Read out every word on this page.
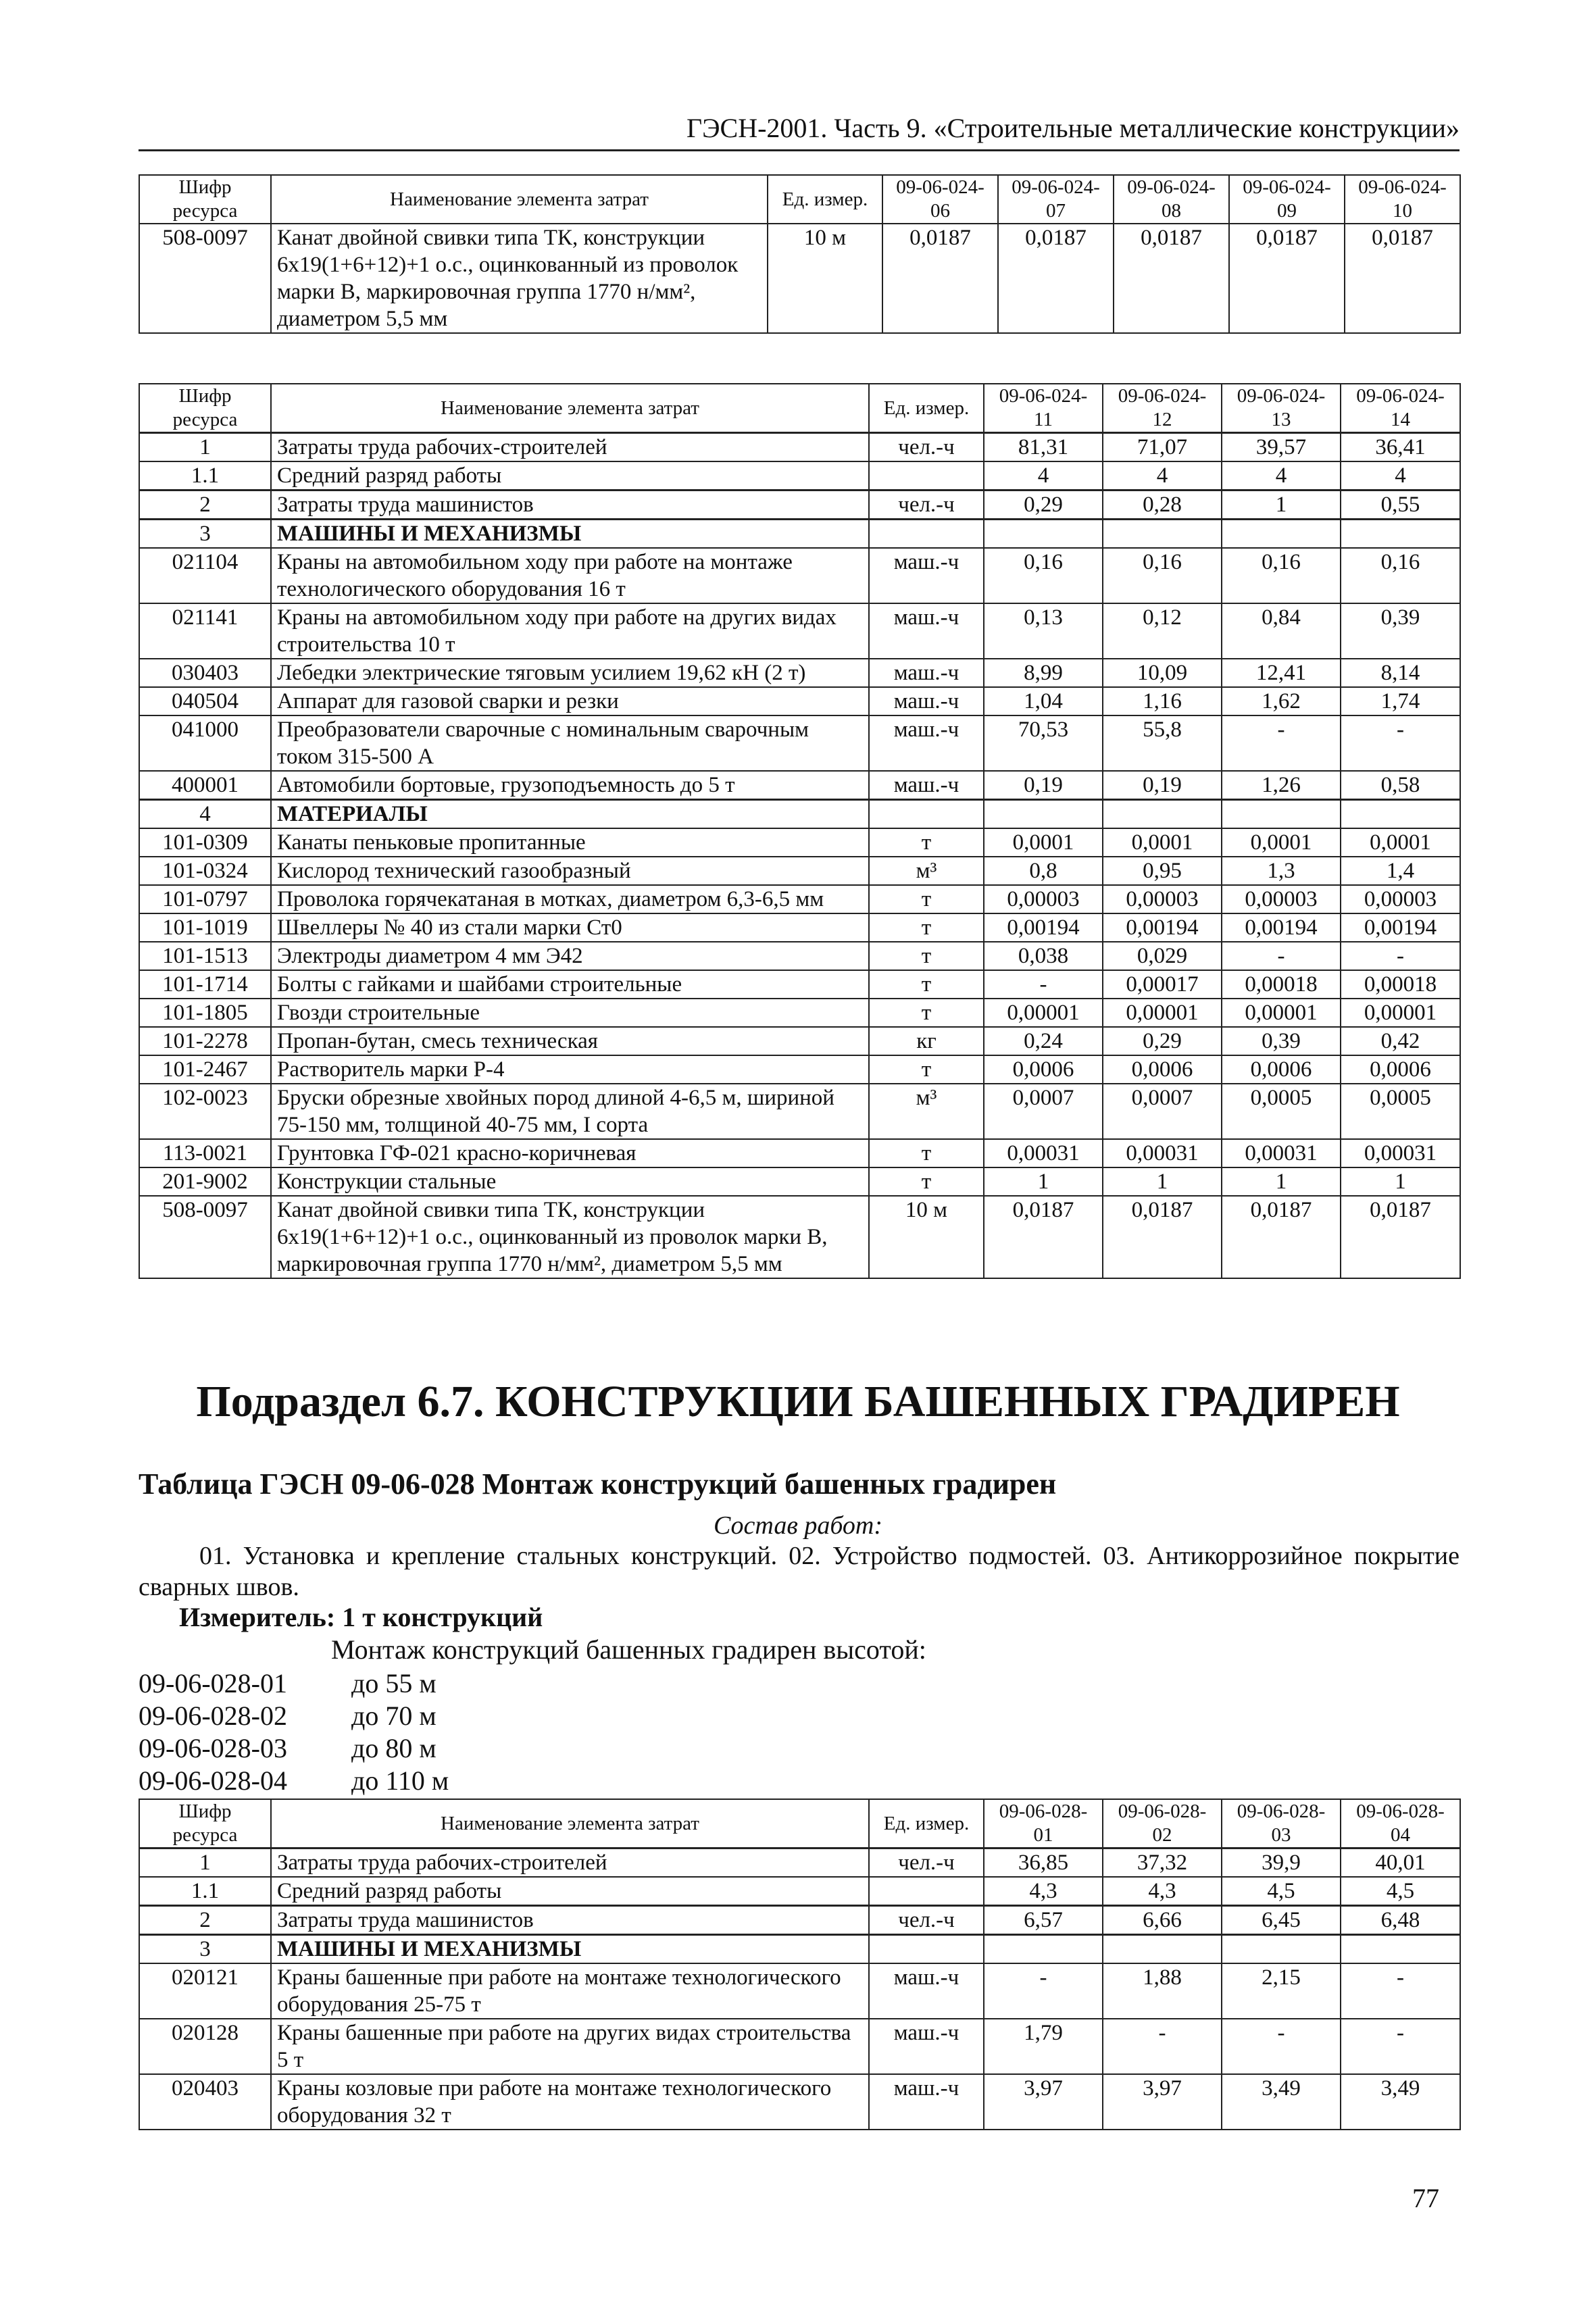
ГЭСН-2001. Часть 9. «Строительные металлические конструкции»
Шифр ресурса	Наименование элемента затрат	Ед. измер.	09-06-024-06	09-06-024-07	09-06-024-08	09-06-024-09	09-06-024-10
508-0097	Канат двойной свивки типа ТК, конструкции 6х19(1+6+12)+1 о.с., оцинкованный из проволок марки В, маркировочная группа 1770 н/мм², диаметром 5,5 мм	10 м	0,0187	0,0187	0,0187	0,0187	0,0187
Шифр ресурса	Наименование элемента затрат	Ед. измер.	09-06-024-11	09-06-024-12	09-06-024-13	09-06-024-14
1	Затраты труда рабочих-строителей	чел.-ч	81,31	71,07	39,57	36,41
1.1	Средний разряд работы		4	4	4	4
2	Затраты труда машинистов	чел.-ч	0,29	0,28	1	0,55
3	МАШИНЫ И МЕХАНИЗМЫ					
021104	Краны на автомобильном ходу при работе на монтаже технологического оборудования 16 т	маш.-ч	0,16	0,16	0,16	0,16
021141	Краны на автомобильном ходу при работе на других видах строительства 10 т	маш.-ч	0,13	0,12	0,84	0,39
030403	Лебедки электрические тяговым усилием 19,62 кН (2 т)	маш.-ч	8,99	10,09	12,41	8,14
040504	Аппарат для газовой сварки и резки	маш.-ч	1,04	1,16	1,62	1,74
041000	Преобразователи сварочные с номинальным сварочным током 315-500 А	маш.-ч	70,53	55,8	-	-
400001	Автомобили бортовые, грузоподъемность до 5 т	маш.-ч	0,19	0,19	1,26	0,58
4	МАТЕРИАЛЫ					
101-0309	Канаты пеньковые пропитанные	т	0,0001	0,0001	0,0001	0,0001
101-0324	Кислород технический газообразный	м³	0,8	0,95	1,3	1,4
101-0797	Проволока горячекатаная в мотках, диаметром 6,3-6,5 мм	т	0,00003	0,00003	0,00003	0,00003
101-1019	Швеллеры № 40 из стали марки Ст0	т	0,00194	0,00194	0,00194	0,00194
101-1513	Электроды диаметром 4 мм Э42	т	0,038	0,029	-	-
101-1714	Болты с гайками и шайбами строительные	т	-	0,00017	0,00018	0,00018
101-1805	Гвозди строительные	т	0,00001	0,00001	0,00001	0,00001
101-2278	Пропан-бутан, смесь техническая	кг	0,24	0,29	0,39	0,42
101-2467	Растворитель марки Р-4	т	0,0006	0,0006	0,0006	0,0006
102-0023	Бруски обрезные хвойных пород длиной 4-6,5 м, шириной 75-150 мм, толщиной 40-75 мм, I сорта	м³	0,0007	0,0007	0,0005	0,0005
113-0021	Грунтовка ГФ-021 красно-коричневая	т	0,00031	0,00031	0,00031	0,00031
201-9002	Конструкции стальные	т	1	1	1	1
508-0097	Канат двойной свивки типа ТК, конструкции 6х19(1+6+12)+1 о.с., оцинкованный из проволок марки В, маркировочная группа 1770 н/мм², диаметром 5,5 мм	10 м	0,0187	0,0187	0,0187	0,0187
Подраздел 6.7. КОНСТРУКЦИИ БАШЕННЫХ ГРАДИРЕН
Таблица ГЭСН 09-06-028 Монтаж конструкций башенных градирен
Состав работ:
01. Установка и крепление стальных конструкций. 02. Устройство подмостей. 03. Антикоррозийное покрытие сварных швов.
Измеритель: 1 т конструкций
Монтаж конструкций башенных градирен высотой:
09-06-028-01	до 55 м
09-06-028-02	до 70 м
09-06-028-03	до 80 м
09-06-028-04	до 110 м
Шифр ресурса	Наименование элемента затрат	Ед. измер.	09-06-028-01	09-06-028-02	09-06-028-03	09-06-028-04
1	Затраты труда рабочих-строителей	чел.-ч	36,85	37,32	39,9	40,01
1.1	Средний разряд работы		4,3	4,3	4,5	4,5
2	Затраты труда машинистов	чел.-ч	6,57	6,66	6,45	6,48
3	МАШИНЫ И МЕХАНИЗМЫ					
020121	Краны башенные при работе на монтаже технологического оборудования 25-75 т	маш.-ч	-	1,88	2,15	-
020128	Краны башенные при работе на других видах строительства 5 т	маш.-ч	1,79	-	-	-
020403	Краны козловые при работе на монтаже технологического оборудования 32 т	маш.-ч	3,97	3,97	3,49	3,49
77
